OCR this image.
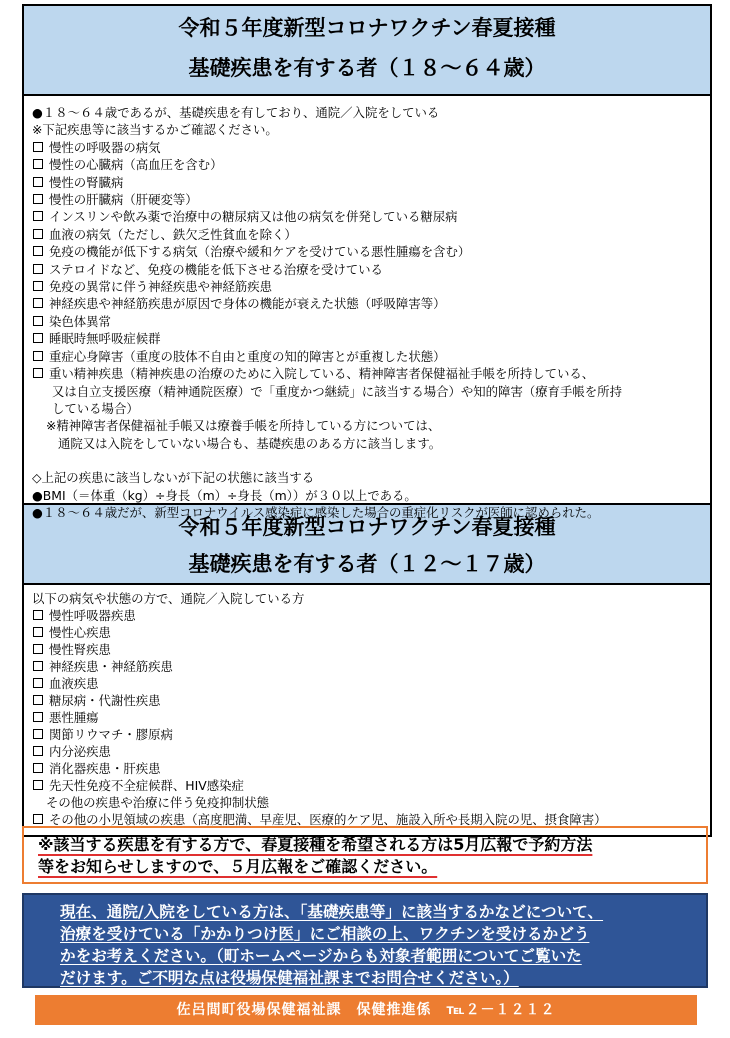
令和５年度新型コロナワクチン春夏接種
基礎疾患を有する者（１８～６４歳）
●１８～６４歳であるが、基礎疾患を有しており、通院／入院をしている
※下記疾患等に該当するかご確認ください。
慢性の呼吸器の病気
慢性の心臓病（高血圧を含む）
慢性の腎臓病
慢性の肝臓病（肝硬変等）
インスリンや飲み薬で治療中の糖尿病又は他の病気を併発している糖尿病
血液の病気（ただし、鉄欠乏性貧血を除く）
免疫の機能が低下する病気（治療や緩和ケアを受けている悪性腫瘍を含む）
ステロイドなど、免疫の機能を低下させる治療を受けている
免疫の異常に伴う神経疾患や神経筋疾患
神経疾患や神経筋疾患が原因で身体の機能が衰えた状態（呼吸障害等）
染色体異常
睡眠時無呼吸症候群
重症心身障害（重度の肢体不自由と重度の知的障害とが重複した状態）
重い精神疾患（精神疾患の治療のために入院している、精神障害者保健福祉手帳を所持している、
又は自立支援医療（精神通院医療）で「重度かつ継続」に該当する場合）や知的障害（療育手帳を所持
している場合）
※精神障害者保健福祉手帳又は療養手帳を所持している方については、
通院又は入院をしていない場合も、基礎疾患のある方に該当します。
◇上記の疾患に該当しないが下記の状態に該当する
●BMI（＝体重（kg）÷身長（m）÷身長（m））が３０以上である。
●１８～６４歳だが、新型コロナウイルス感染症に感染した場合の重症化リスクが医師に認められた。
令和５年度新型コロナワクチン春夏接種
基礎疾患を有する者（１２～１７歳）
以下の病気や状態の方で、通院／入院している方
慢性呼吸器疾患
慢性心疾患
慢性腎疾患
神経疾患・神経筋疾患
血液疾患
糖尿病・代謝性疾患
悪性腫瘍
関節リウマチ・膠原病
内分泌疾患
消化器疾患・肝疾患
先天性免疫不全症候群、HIV感染症
その他の疾患や治療に伴う免疫抑制状態
その他の小児領域の疾患（高度肥満、早産児、医療的ケア児、施設入所や長期入院の児、摂食障害）
※該当する疾患を有する方で、春夏接種を希望される方は5月広報で予約方法
等をお知らせしますので、５月広報をご確認ください。
現在、通院/入院をしている方は、「基礎疾患等」に該当するかなどについて、
治療を受けている「かかりつけ医」にご相談の上、ワクチンを受けるかどう
かをお考えください。（町ホームページからも対象者範囲についてご覧いた
だけます。ご不明な点は役場保健福祉課までお問合せください。）
佐呂間町役場保健福祉課　保健推進係　℡２－１２１２
